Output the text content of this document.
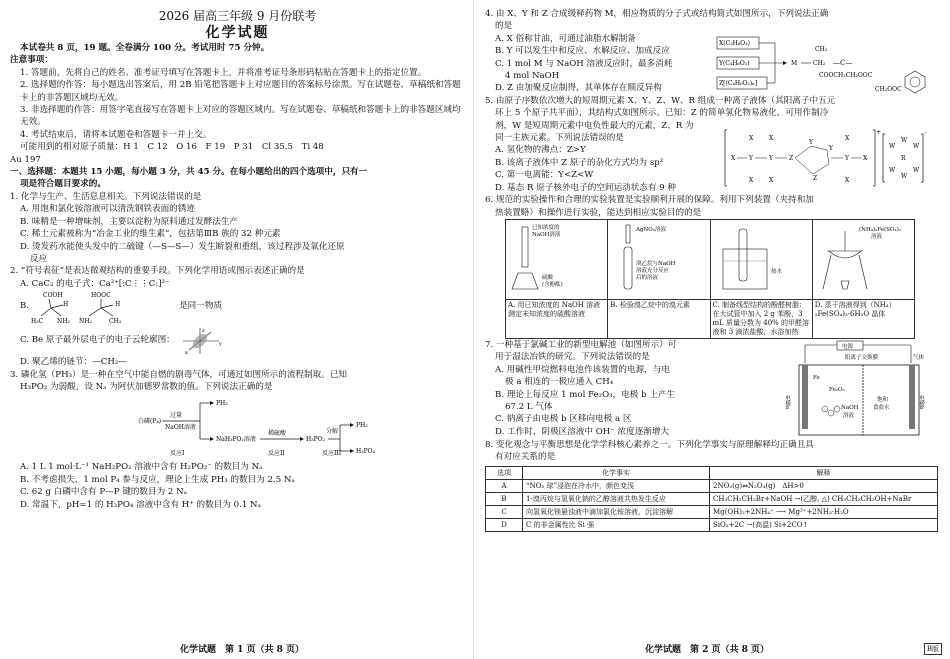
2026 届高三年级 9 月份联考

化学试题

本试卷共 8 页，19 题。全卷满分 100 分。考试用时 75 分钟。

注意事项：

1. 答题前，先将自己的姓名、准考证号填写在答题卡上，并将准考证号条形码粘贴在答题卡上的指定位置。

2. 选择题的作答：每小题选出答案后，用 2B 铅笔把答题卡上对应题目的答案标号涂黑。写在试题卷、草稿纸和答题卡上的非答题区域均无效。

3. 非选择题的作答：用签字笔直接写在答题卡上对应的答题区域内。写在试题卷、草稿纸和答题卡上的非答题区域均无效。

4. 考试结束后，请将本试题卷和答题卡一并上交。

可能用到的相对原子质量：H 1　C 12　O 16　F 19　P 31　Cl 35.5　Ti 48

Au 197

一、选择题：本题共 15 小题，每小题 3 分，共 45 分。在每小题给出的四个选项中，只有一

项是符合题目要求的。

1. 化学与生产、生活息息相关。下列说法错误的是

A. 用饱和氯化铵溶液可以清洗钢铁表面的锈迹

B. 味精是一种增味剂，主要以淀粉为原料通过发酵法生产

C. 稀土元素被称为“冶金工业的维生素”，包括第ⅢB 族的 32 种元素

D. 烫发药水能使头发中的二硫键（—S—S—）发生断裂和重组，该过程涉及氧化还原

反应

2. “符号表征”是表达微观结构的重要手段。下列化学用语或图示表述正确的是

A. CaC₂ 的电子式：Ca²⁺[:C⋮⋮C:]²⁻

B.

COOH
H
H₃C NH₂
HOOC
H
NH₂	CH₃

是同一物质

C. Be 原子最外层电子的电子云轮廓图：

z
y
x

D. 聚乙烯的链节：—CH₂—

3. 磷化氢（PH₃）是一种在空气中能自燃的剧毒气体，可通过如图所示的流程制取。已知

H₃PO₂ 为弱酸，设 Nₐ 为阿伏加德罗常数的值。下列说法正确的是

白磷(P₄)
过量
NaOH溶液
PH₃
NaH₂PO₂溶液
稀硫酸
H₃PO₂
分解
PH₃
H₃PO₄
反应I	反应II	反应III

A. 1 L 1 mol·L⁻¹ NaH₂PO₂ 溶液中含有 H₂PO₂⁻ 的数目为 Nₐ

B. 不考虑损失，1 mol P₄ 参与反应，理论上生成 PH₃ 的数目为 2.5 Nₐ

C. 62 g 白磷中含有 P—P 键的数目为 2 Nₐ

D. 常温下，pH=1 的 H₃PO₄ 溶液中含有 H⁺ 的数目为 0.1 Nₐ

化学试题　第 1 页（共 8 页）

4. 由 X、Y 和 Z 合成缓释药物 M，相应物质的分子式或结构简式如图所示，下列说法正确

的是

A. X 俗称甘油，可通过油脂水解制备

B. Y 可以发生中和反应、水解反应、加成反应

C. 1 mol M 与 NaOH 溶液反应时，最多消耗

4 mol NaOH

D. Z 由加聚反应制得，其单体存在顺反异构

X(C₃H₈O₃)
Y(C₄H₆O₂)
Z[(C₄H₆O₂)ₙ]
M
CH₃
CH₂ —C—
COOCH₂CH₂OOC
CH₂OOC

5. 由原子序数依次增大的短周期元素 X、Y、Z、W、R 组成一种离子液体（其阳离子中五元

环上 5 个原子共平面），其结构式如图所示。已知：Z 的简单氢化物易液化，可用作制冷

剂，W 是短周期元素中电负性最大的元素，Z、R 为

同一主族元素。下列说法错误的是

A. 氢化物的沸点：Z>Y

B. 该离子液体中 Z 原子的杂化方式均为 sp²

C. 第一电离能：Y<Z<W

D. 基态 R 原子核外电子的空间运动状态有 9 种

X Y	Y	Z
Y
Y
Z
Y X
X	X
X	X
X
X
+
R
W	W
W	W
W
W
⁻

6. 规范的实验操作和合理的实验装置是实验顺利开展的保障。利用下列装置（夹持和加

热装置略）和操作进行实验，能达到相应实验目的的是

已知浓度的
NaOH溶液
硫酸
(含酚酞)	AgNO₃溶液
溴乙烷与NaOH
溶液充分反应
后的溶液	热水	(NH₄)₂Fe(SO₄)₂
溶液

A. 用已知浓度的 NaOH 溶液测定未知浓度的硫酸溶液	B. 检验溴乙烷中的溴元素	C. 制备线型结构的酚醛树脂：在大试管中加入 2 g 苯酚，3 mL 质量分数为 40% 的甲醛溶液和 3 滴浓盐酸，水浴加热	D. 蒸干溶液得到（NH₄）₂Fe(SO₄)₂·6H₂O 晶体

7. 一种基于氯碱工业的新型电解池（如图所示）可

用于湿法冶铁的研究。下列说法错误的是

A. 用碱性甲烷燃料电池作该装置的电源，与电

极 a 相连的一极应通入 CH₄

B. 理论上每反应 1 mol Fe₂O₃，电极 b 上产生

67.2 L 气体

C. 钠离子由电极 b 区移向电极 a 区

D. 工作时，阴极区溶液中 OH⁻ 浓度逐渐增大

电源
阳离子交换膜	气体
Fe
Fe₂O₃
NaOH
溶液
饱和
食盐水
电极a	电极b

8. 变化观念与平衡思想是化学学科核心素养之一。下列化学事实与原理解释均正确且具

有对应关系的是

选项	化学事实	解释
A	“NO₂ 球”浸泡在冷水中，颜色变浅	2NO₂(g)⇌N₂O₄(g)　ΔH>0
B	1-溴丙烷与氢氧化钠的乙醇溶液共热发生反应	CH₃CH₂CH₂Br+NaOH →(乙醇, △) CH₃CH₂CH₂OH+NaBr
C	向氢氧化镁悬浊液中滴加氯化铵溶液，沉淀溶解	Mg(OH)₂+2NH₄⁺ ⟶ Mg²⁺+2NH₃·H₂O
D	C 的非金属性比 Si 强	SiO₂+2C →(高温) Si+2CO↑
化学试题　第 2 页（共 8 页）	B版
